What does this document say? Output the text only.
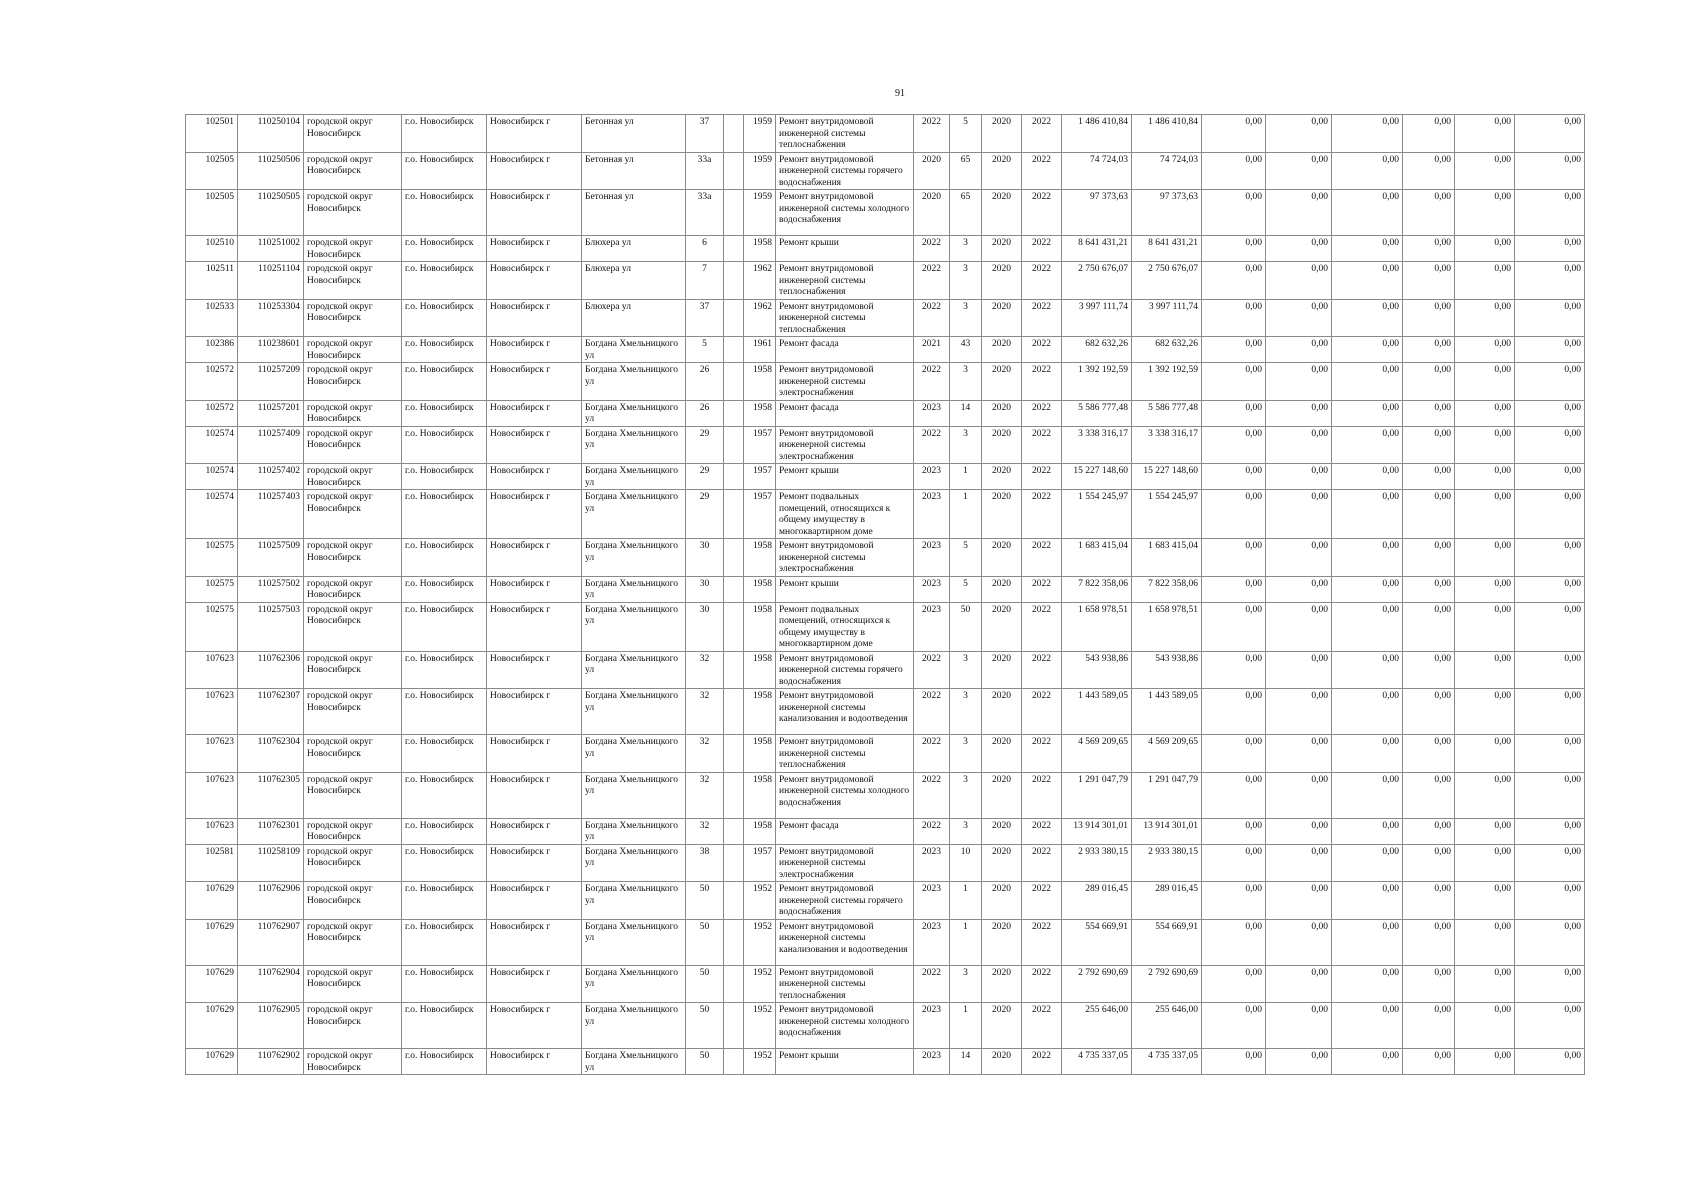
91
102501	110250104	городской округ Новосибирск	г.о. Новосибирск	Новосибирск г	Бетонная ул	37		1959	Ремонт внутридомовой инженерной системы теплоснабжения	2022	5	2020	2022	1 486 410,84	1 486 410,84	0,00	0,00	0,00	0,00	0,00	0,00
102505	110250506	городской округ Новосибирск	г.о. Новосибирск	Новосибирск г	Бетонная ул	33а		1959	Ремонт внутридомовой инженерной системы горячего водоснабжения	2020	65	2020	2022	74 724,03	74 724,03	0,00	0,00	0,00	0,00	0,00	0,00
102505	110250505	городской округ Новосибирск	г.о. Новосибирск	Новосибирск г	Бетонная ул	33а		1959	Ремонт внутридомовой инженерной системы холодного водоснабжения	2020	65	2020	2022	97 373,63	97 373,63	0,00	0,00	0,00	0,00	0,00	0,00
102510	110251002	городской округ Новосибирск	г.о. Новосибирск	Новосибирск г	Блюхера ул	6		1958	Ремонт крыши	2022	3	2020	2022	8 641 431,21	8 641 431,21	0,00	0,00	0,00	0,00	0,00	0,00
102511	110251104	городской округ Новосибирск	г.о. Новосибирск	Новосибирск г	Блюхера ул	7		1962	Ремонт внутридомовой инженерной системы теплоснабжения	2022	3	2020	2022	2 750 676,07	2 750 676,07	0,00	0,00	0,00	0,00	0,00	0,00
102533	110253304	городской округ Новосибирск	г.о. Новосибирск	Новосибирск г	Блюхера ул	37		1962	Ремонт внутридомовой инженерной системы теплоснабжения	2022	3	2020	2022	3 997 111,74	3 997 111,74	0,00	0,00	0,00	0,00	0,00	0,00
102386	110238601	городской округ Новосибирск	г.о. Новосибирск	Новосибирск г	Богдана Хмельницкого ул	5		1961	Ремонт фасада	2021	43	2020	2022	682 632,26	682 632,26	0,00	0,00	0,00	0,00	0,00	0,00
102572	110257209	городской округ Новосибирск	г.о. Новосибирск	Новосибирск г	Богдана Хмельницкого ул	26		1958	Ремонт внутридомовой инженерной системы электроснабжения	2022	3	2020	2022	1 392 192,59	1 392 192,59	0,00	0,00	0,00	0,00	0,00	0,00
102572	110257201	городской округ Новосибирск	г.о. Новосибирск	Новосибирск г	Богдана Хмельницкого ул	26		1958	Ремонт фасада	2023	14	2020	2022	5 586 777,48	5 586 777,48	0,00	0,00	0,00	0,00	0,00	0,00
102574	110257409	городской округ Новосибирск	г.о. Новосибирск	Новосибирск г	Богдана Хмельницкого ул	29		1957	Ремонт внутридомовой инженерной системы электроснабжения	2022	3	2020	2022	3 338 316,17	3 338 316,17	0,00	0,00	0,00	0,00	0,00	0,00
102574	110257402	городской округ Новосибирск	г.о. Новосибирск	Новосибирск г	Богдана Хмельницкого ул	29		1957	Ремонт крыши	2023	1	2020	2022	15 227 148,60	15 227 148,60	0,00	0,00	0,00	0,00	0,00	0,00
102574	110257403	городской округ Новосибирск	г.о. Новосибирск	Новосибирск г	Богдана Хмельницкого ул	29		1957	Ремонт подвальных помещений, относящихся к общему имуществу в многоквартирном доме	2023	1	2020	2022	1 554 245,97	1 554 245,97	0,00	0,00	0,00	0,00	0,00	0,00
102575	110257509	городской округ Новосибирск	г.о. Новосибирск	Новосибирск г	Богдана Хмельницкого ул	30		1958	Ремонт внутридомовой инженерной системы электроснабжения	2023	5	2020	2022	1 683 415,04	1 683 415,04	0,00	0,00	0,00	0,00	0,00	0,00
102575	110257502	городской округ Новосибирск	г.о. Новосибирск	Новосибирск г	Богдана Хмельницкого ул	30		1958	Ремонт крыши	2023	5	2020	2022	7 822 358,06	7 822 358,06	0,00	0,00	0,00	0,00	0,00	0,00
102575	110257503	городской округ Новосибирск	г.о. Новосибирск	Новосибирск г	Богдана Хмельницкого ул	30		1958	Ремонт подвальных помещений, относящихся к общему имуществу в многоквартирном доме	2023	50	2020	2022	1 658 978,51	1 658 978,51	0,00	0,00	0,00	0,00	0,00	0,00
107623	110762306	городской округ Новосибирск	г.о. Новосибирск	Новосибирск г	Богдана Хмельницкого ул	32		1958	Ремонт внутридомовой инженерной системы горячего водоснабжения	2022	3	2020	2022	543 938,86	543 938,86	0,00	0,00	0,00	0,00	0,00	0,00
107623	110762307	городской округ Новосибирск	г.о. Новосибирск	Новосибирск г	Богдана Хмельницкого ул	32		1958	Ремонт внутридомовой инженерной системы канализования и водоотведения	2022	3	2020	2022	1 443 589,05	1 443 589,05	0,00	0,00	0,00	0,00	0,00	0,00
107623	110762304	городской округ Новосибирск	г.о. Новосибирск	Новосибирск г	Богдана Хмельницкого ул	32		1958	Ремонт внутридомовой инженерной системы теплоснабжения	2022	3	2020	2022	4 569 209,65	4 569 209,65	0,00	0,00	0,00	0,00	0,00	0,00
107623	110762305	городской округ Новосибирск	г.о. Новосибирск	Новосибирск г	Богдана Хмельницкого ул	32		1958	Ремонт внутридомовой инженерной системы холодного водоснабжения	2022	3	2020	2022	1 291 047,79	1 291 047,79	0,00	0,00	0,00	0,00	0,00	0,00
107623	110762301	городской округ Новосибирск	г.о. Новосибирск	Новосибирск г	Богдана Хмельницкого ул	32		1958	Ремонт фасада	2022	3	2020	2022	13 914 301,01	13 914 301,01	0,00	0,00	0,00	0,00	0,00	0,00
102581	110258109	городской округ Новосибирск	г.о. Новосибирск	Новосибирск г	Богдана Хмельницкого ул	38		1957	Ремонт внутридомовой инженерной системы электроснабжения	2023	10	2020	2022	2 933 380,15	2 933 380,15	0,00	0,00	0,00	0,00	0,00	0,00
107629	110762906	городской округ Новосибирск	г.о. Новосибирск	Новосибирск г	Богдана Хмельницкого ул	50		1952	Ремонт внутридомовой инженерной системы горячего водоснабжения	2023	1	2020	2022	289 016,45	289 016,45	0,00	0,00	0,00	0,00	0,00	0,00
107629	110762907	городской округ Новосибирск	г.о. Новосибирск	Новосибирск г	Богдана Хмельницкого ул	50		1952	Ремонт внутридомовой инженерной системы канализования и водоотведения	2023	1	2020	2022	554 669,91	554 669,91	0,00	0,00	0,00	0,00	0,00	0,00
107629	110762904	городской округ Новосибирск	г.о. Новосибирск	Новосибирск г	Богдана Хмельницкого ул	50		1952	Ремонт внутридомовой инженерной системы теплоснабжения	2022	3	2020	2022	2 792 690,69	2 792 690,69	0,00	0,00	0,00	0,00	0,00	0,00
107629	110762905	городской округ Новосибирск	г.о. Новосибирск	Новосибирск г	Богдана Хмельницкого ул	50		1952	Ремонт внутридомовой инженерной системы холодного водоснабжения	2023	1	2020	2022	255 646,00	255 646,00	0,00	0,00	0,00	0,00	0,00	0,00
107629	110762902	городской округ Новосибирск	г.о. Новосибирск	Новосибирск г	Богдана Хмельницкого ул	50		1952	Ремонт крыши	2023	14	2020	2022	4 735 337,05	4 735 337,05	0,00	0,00	0,00	0,00	0,00	0,00
